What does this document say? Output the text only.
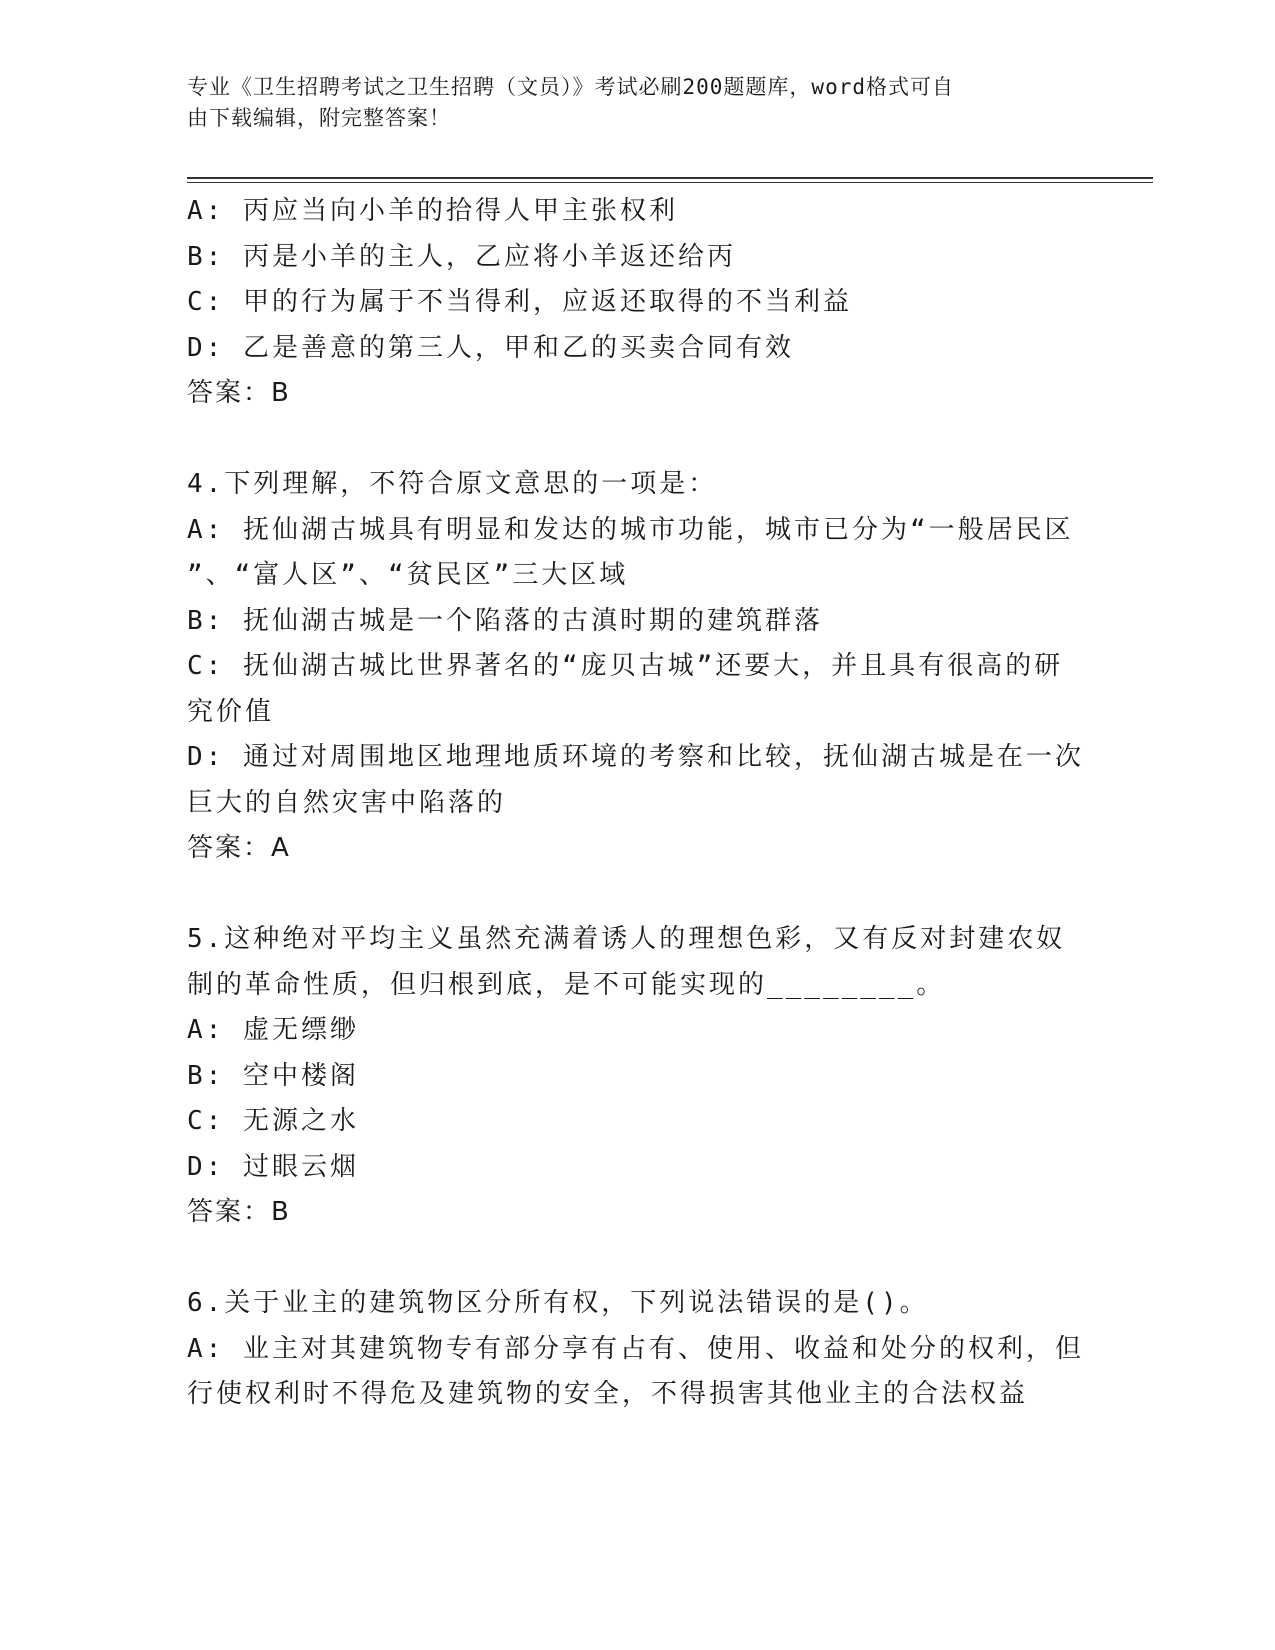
专业《卫生招聘考试之卫生招聘（文员）》考试必刷200题题库，word格式可自
由下载编辑，附完整答案！
A: 丙应当向小羊的拾得人甲主张权利
B: 丙是小羊的主人，乙应将小羊返还给丙
C: 甲的行为属于不当得利，应返还取得的不当利益
D: 乙是善意的第三人，甲和乙的买卖合同有效
答案：B
4.下列理解，不符合原文意思的一项是：
A: 抚仙湖古城具有明显和发达的城市功能，城市已分为“一般居民区
”、“富人区”、“贫民区”三大区域
B: 抚仙湖古城是一个陷落的古滇时期的建筑群落
C: 抚仙湖古城比世界著名的“庞贝古城”还要大，并且具有很高的研
究价值
D: 通过对周围地区地理地质环境的考察和比较，抚仙湖古城是在一次
巨大的自然灾害中陷落的
答案：A
5.这种绝对平均主义虽然充满着诱人的理想色彩，又有反对封建农奴
制的革命性质，但归根到底，是不可能实现的________。
A: 虚无缥缈
B: 空中楼阁
C: 无源之水
D: 过眼云烟
答案：B
6.关于业主的建筑物区分所有权，下列说法错误的是()。
A: 业主对其建筑物专有部分享有占有、使用、收益和处分的权利，但
行使权利时不得危及建筑物的安全，不得损害其他业主的合法权益
